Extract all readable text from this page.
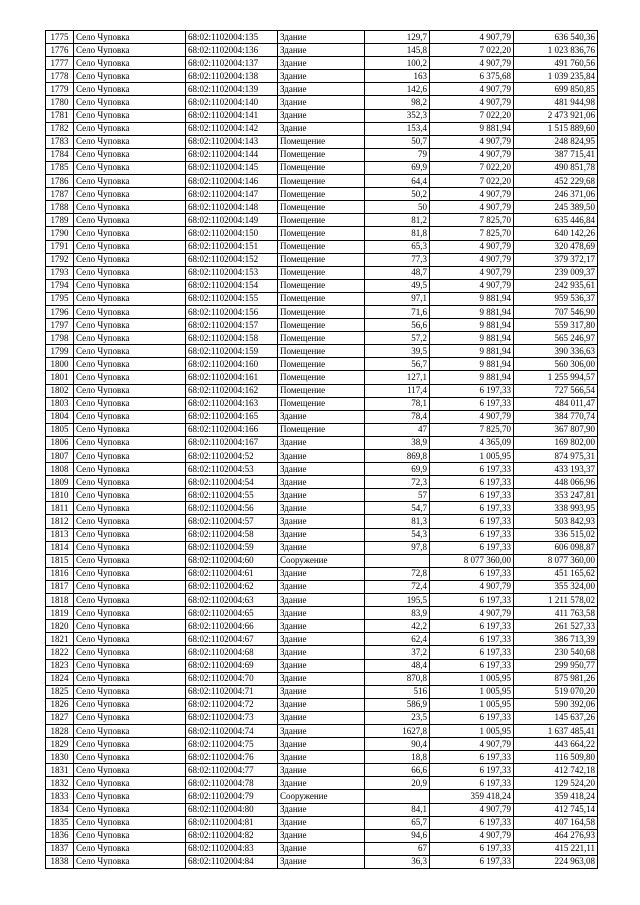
1775	Село Чуповка	68:02:1102004:135	Здание	129,7	4 907,79	636 540,36
1776	Село Чуповка	68:02:1102004:136	Здание	145,8	7 022,20	1 023 836,76
1777	Село Чуповка	68:02:1102004:137	Здание	100,2	4 907,79	491 760,56
1778	Село Чуповка	68:02:1102004:138	Здание	163	6 375,68	1 039 235,84
1779	Село Чуповка	68:02:1102004:139	Здание	142,6	4 907,79	699 850,85
1780	Село Чуповка	68:02:1102004:140	Здание	98,2	4 907,79	481 944,98
1781	Село Чуповка	68:02:1102004:141	Здание	352,3	7 022,20	2 473 921,06
1782	Село Чуповка	68:02:1102004:142	Здание	153,4	9 881,94	1 515 889,60
1783	Село Чуповка	68:02:1102004:143	Помещение	50,7	4 907,79	248 824,95
1784	Село Чуповка	68:02:1102004:144	Помещение	79	4 907,79	387 715,41
1785	Село Чуповка	68:02:1102004:145	Помещение	69,9	7 022,20	490 851,78
1786	Село Чуповка	68:02:1102004:146	Помещение	64,4	7 022,20	452 229,68
1787	Село Чуповка	68:02:1102004:147	Помещение	50,2	4 907,79	246 371,06
1788	Село Чуповка	68:02:1102004:148	Помещение	50	4 907,79	245 389,50
1789	Село Чуповка	68:02:1102004:149	Помещение	81,2	7 825,70	635 446,84
1790	Село Чуповка	68:02:1102004:150	Помещение	81,8	7 825,70	640 142,26
1791	Село Чуповка	68:02:1102004:151	Помещение	65,3	4 907,79	320 478,69
1792	Село Чуповка	68:02:1102004:152	Помещение	77,3	4 907,79	379 372,17
1793	Село Чуповка	68:02:1102004:153	Помещение	48,7	4 907,79	239 009,37
1794	Село Чуповка	68:02:1102004:154	Помещение	49,5	4 907,79	242 935,61
1795	Село Чуповка	68:02:1102004:155	Помещение	97,1	9 881,94	959 536,37
1796	Село Чуповка	68:02:1102004:156	Помещение	71,6	9 881,94	707 546,90
1797	Село Чуповка	68:02:1102004:157	Помещение	56,6	9 881,94	559 317,80
1798	Село Чуповка	68:02:1102004:158	Помещение	57,2	9 881,94	565 246,97
1799	Село Чуповка	68:02:1102004:159	Помещение	39,5	9 881,94	390 336,63
1800	Село Чуповка	68:02:1102004:160	Помещение	56,7	9 881,94	560 306,00
1801	Село Чуповка	68:02:1102004:161	Помещение	127,1	9 881,94	1 255 994,57
1802	Село Чуповка	68:02:1102004:162	Помещение	117,4	6 197,33	727 566,54
1803	Село Чуповка	68:02:1102004:163	Помещение	78,1	6 197,33	484 011,47
1804	Село Чуповка	68:02:1102004:165	Здание	78,4	4 907,79	384 770,74
1805	Село Чуповка	68:02:1102004:166	Помещение	47	7 825,70	367 807,90
1806	Село Чуповка	68:02:1102004:167	Здание	38,9	4 365,09	169 802,00
1807	Село Чуповка	68:02:1102004:52	Здание	869,8	1 005,95	874 975,31
1808	Село Чуповка	68:02:1102004:53	Здание	69,9	6 197,33	433 193,37
1809	Село Чуповка	68:02:1102004:54	Здание	72,3	6 197,33	448 066,96
1810	Село Чуповка	68:02:1102004:55	Здание	57	6 197,33	353 247,81
1811	Село Чуповка	68:02:1102004:56	Здание	54,7	6 197,33	338 993,95
1812	Село Чуповка	68:02:1102004:57	Здание	81,3	6 197,33	503 842,93
1813	Село Чуповка	68:02:1102004:58	Здание	54,3	6 197,33	336 515,02
1814	Село Чуповка	68:02:1102004:59	Здание	97,8	6 197,33	606 098,87
1815	Село Чуповка	68:02:1102004:60	Сооружение		8 077 360,00	8 077 360,00
1816	Село Чуповка	68:02:1102004:61	Здание	72,8	6 197,33	451 165,62
1817	Село Чуповка	68:02:1102004:62	Здание	72,4	4 907,79	355 324,00
1818	Село Чуповка	68:02:1102004:63	Здание	195,5	6 197,33	1 211 578,02
1819	Село Чуповка	68:02:1102004:65	Здание	83,9	4 907,79	411 763,58
1820	Село Чуповка	68:02:1102004:66	Здание	42,2	6 197,33	261 527,33
1821	Село Чуповка	68:02:1102004:67	Здание	62,4	6 197,33	386 713,39
1822	Село Чуповка	68:02:1102004:68	Здание	37,2	6 197,33	230 540,68
1823	Село Чуповка	68:02:1102004:69	Здание	48,4	6 197,33	299 950,77
1824	Село Чуповка	68:02:1102004:70	Здание	870,8	1 005,95	875 981,26
1825	Село Чуповка	68:02:1102004:71	Здание	516	1 005,95	519 070,20
1826	Село Чуповка	68:02:1102004:72	Здание	586,9	1 005,95	590 392,06
1827	Село Чуповка	68:02:1102004:73	Здание	23,5	6 197,33	145 637,26
1828	Село Чуповка	68:02:1102004:74	Здание	1627,8	1 005,95	1 637 485,41
1829	Село Чуповка	68:02:1102004:75	Здание	90,4	4 907,79	443 664,22
1830	Село Чуповка	68:02:1102004:76	Здание	18,8	6 197,33	116 509,80
1831	Село Чуповка	68:02:1102004:77	Здание	66,6	6 197,33	412 742,18
1832	Село Чуповка	68:02:1102004:78	Здание	20,9	6 197,33	129 524,20
1833	Село Чуповка	68:02:1102004:79	Сооружение		359 418,24	359 418,24
1834	Село Чуповка	68:02:1102004:80	Здание	84,1	4 907,79	412 745,14
1835	Село Чуповка	68:02:1102004:81	Здание	65,7	6 197,33	407 164,58
1836	Село Чуповка	68:02:1102004:82	Здание	94,6	4 907,79	464 276,93
1837	Село Чуповка	68:02:1102004:83	Здание	67	6 197,33	415 221,11
1838	Село Чуповка	68:02:1102004:84	Здание	36,3	6 197,33	224 963,08
